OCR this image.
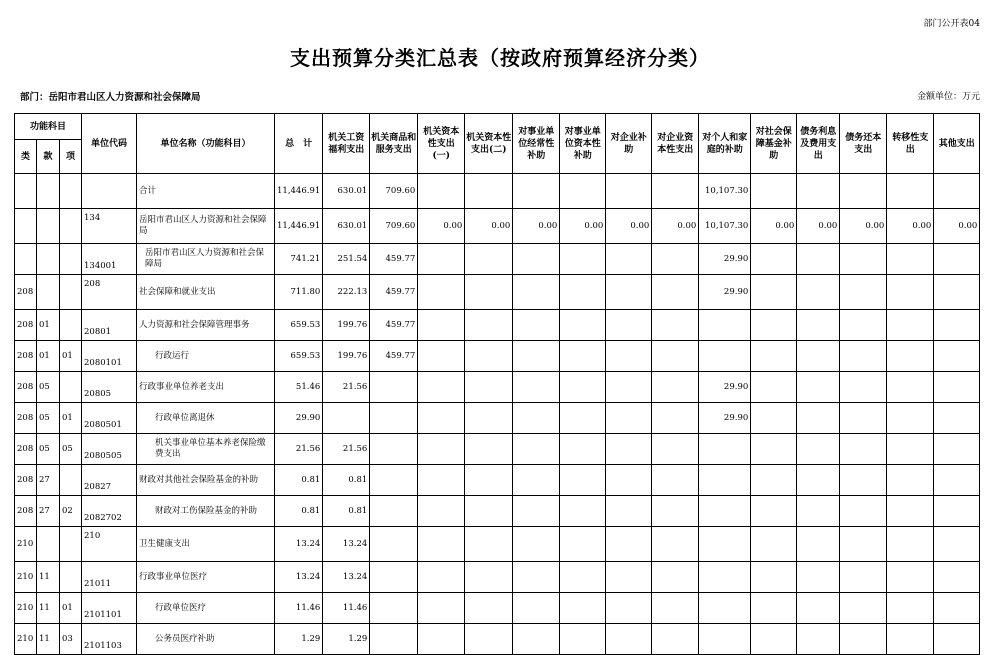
部门公开表04
支出预算分类汇总表（按政府预算经济分类）
部门：岳阳市君山区人力资源和社会保障局	金额单位：万元
功能科目			单位代码	单位名称（功能科目）	总　计	机关工资福利支出	机关商品和服务支出	机关资本性支出(一)	机关资本性支出(二)	对事业单位经常性补助	对事业单位资本性补助	对企业补助	对企业资本性支出	对个人和家庭的补助	对社会保障基金补助	债务利息及费用支出	债务还本支出	转移性支出	其他支出
类	款	项																	
				合计	11,446.91	630.01	709.60							10,107.30					
			134	岳阳市君山区人力资源和社会保障局	11,446.91	630.01	709.60	0.00	0.00	0.00	0.00	0.00	0.00	10,107.30	0.00	0.00	0.00	0.00	0.00
			134001	岳阳市君山区人力资源和社会保障局	741.21	251.54	459.77							29.90					
208			208	社会保障和就业支出	711.80	222.13	459.77							29.90					
208	01		20801	人力资源和社会保障管理事务	659.53	199.76	459.77												
208	01	01	2080101	行政运行	659.53	199.76	459.77												
208	05		20805	行政事业单位养老支出	51.46	21.56								29.90					
208	05	01	2080501	行政单位离退休	29.90									29.90					
208	05	05	2080505	机关事业单位基本养老保险缴费支出	21.56	21.56													
208	27		20827	财政对其他社会保险基金的补助	0.81	0.81													
208	27	02	2082702	财政对工伤保险基金的补助	0.81	0.81													
210			210	卫生健康支出	13.24	13.24													
210	11		21011	行政事业单位医疗	13.24	13.24													
210	11	01	2101101	行政单位医疗	11.46	11.46													
210	11	03	2101103	公务员医疗补助	1.29	1.29													
